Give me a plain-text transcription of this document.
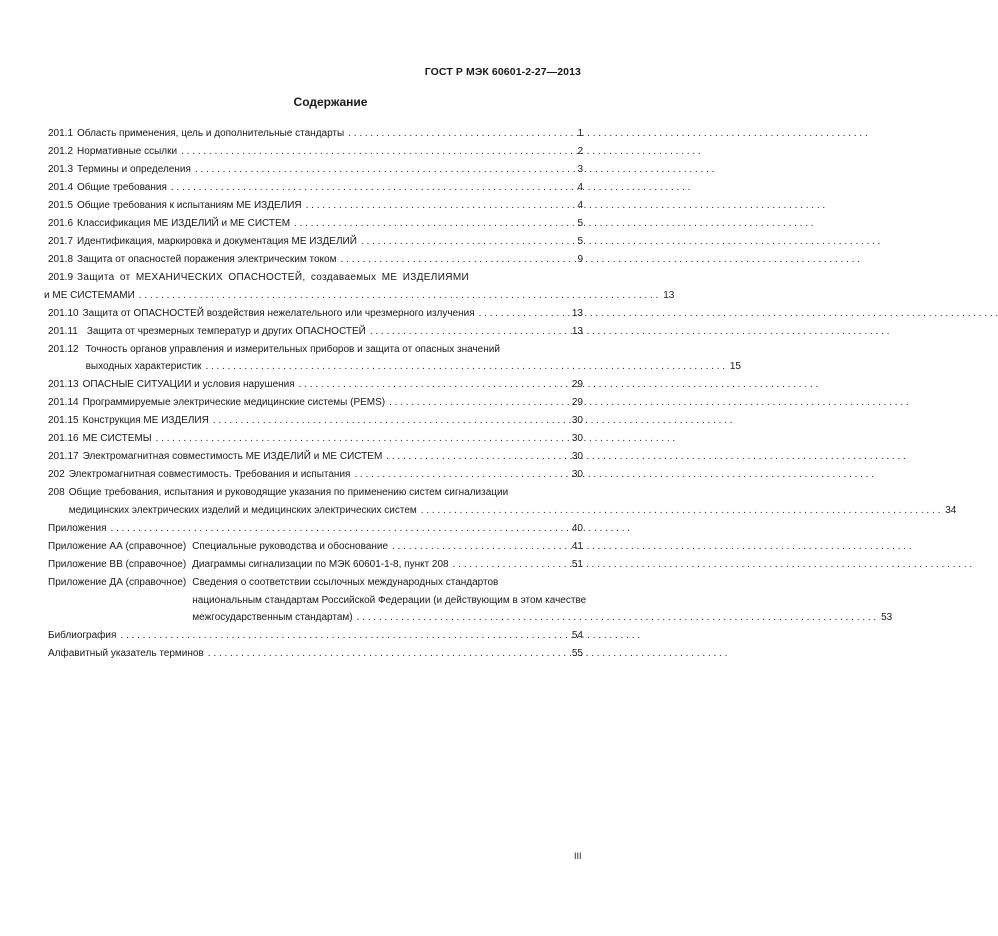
ГОСТ Р МЭК 60601-2-27—2013
Содержание
201.1 Область применения, цель и дополнительные стандарты . . .	1
201.2 Нормативные ссылки . . .	2
201.3 Термины и определения . . .	3
201.4 Общие требования . . .	4
201.5 Общие требования к испытаниям МЕ ИЗДЕЛИЯ . . .	4
201.6 Классификация МЕ ИЗДЕЛИЙ и МЕ СИСТЕМ . . .	5
201.7 Идентификация, маркировка и документация МЕ ИЗДЕЛИЙ . . .	5
201.8 Защита от опасностей поражения электрическим током . . .	9
201.9 Защита от МЕХАНИЧЕСКИХ ОПАСНОСТЕЙ, создаваемых МЕ ИЗДЕЛИЯМИ
и МЕ СИСТЕМАМИ . . .	13
201.10 Защита от ОПАСНОСТЕЙ воздействия нежелательного или чрезмерного излучения . . .	13
201.11 Защита от чрезмерных температур и других ОПАСНОСТЕЙ . . .	13
201.12 Точность органов управления и измерительных приборов и защита от опасных значений
выходных характеристик . . .	15
201.13 ОПАСНЫЕ СИТУАЦИИ и условия нарушения . . .	29
201.14 Программируемые электрические медицинские системы (PEMS) . . .	29
201.15 Конструкция МЕ ИЗДЕЛИЯ . . .	30
201.16 МЕ СИСТЕМЫ . . .	30
201.17 Электромагнитная совместимость МЕ ИЗДЕЛИЙ и МЕ СИСТЕМ . . .	30
202 Электромагнитная совместимость. Требования и испытания . . .	30
208 Общие требования, испытания и руководящие указания по применению систем сигнализации
медицинских электрических изделий и медицинских электрических систем . . .	34
Приложения . . .	40
Приложение АА (справочное) Специальные руководства и обоснование . . .	41
Приложение ВВ (справочное) Диаграммы сигнализации по МЭК 60601-1-8, пункт 208 . . .	51
Приложение ДА (справочное) Сведения о соответствии ссылочных международных стандартов
национальным стандартам Российской Федерации (и действующим в этом качестве
межгосударственным стандартам) . . .	53
Библиография . . .	54
Алфавитный указатель терминов . . .	55
III
